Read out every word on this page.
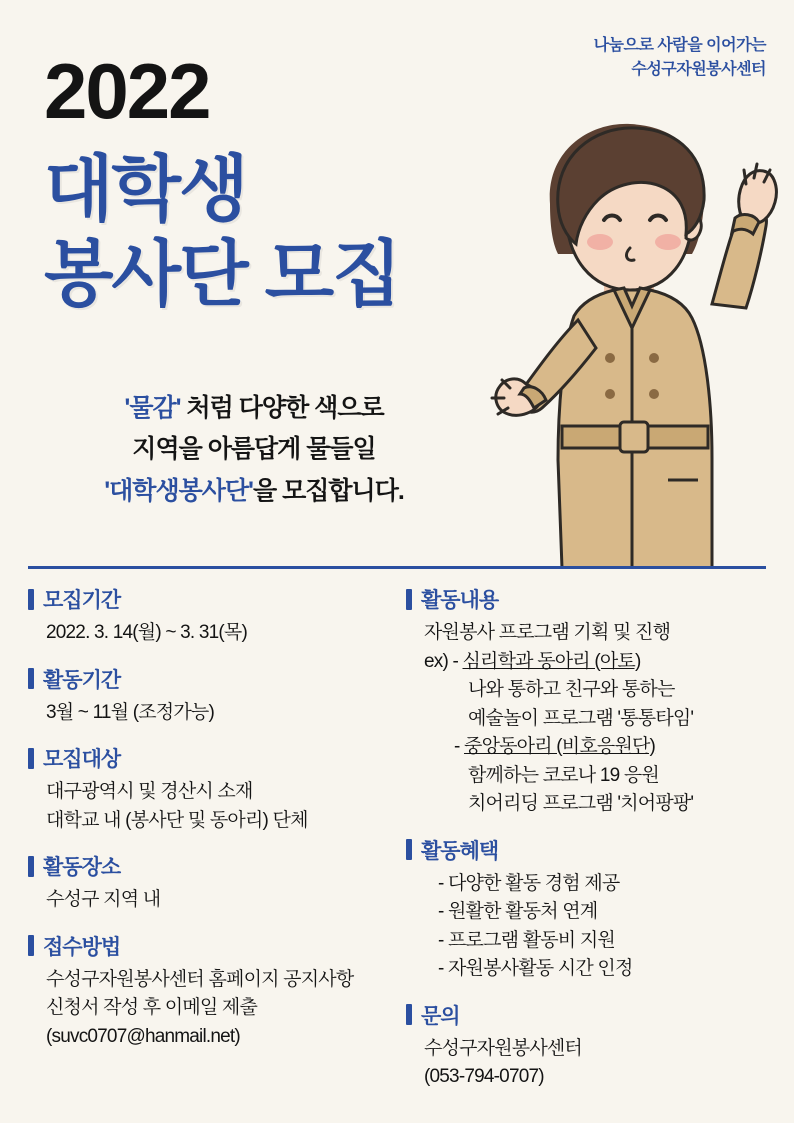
나눔으로 사람을 이어가는
수성구자원봉사센터
2022
대학생
봉사단 모집
'물감' 처럼 다양한 색으로
지역을 아름답게 물들일
'대학생봉사단'을 모집합니다.
모집기간
2022. 3. 14(월) ~ 3. 31(목)
활동기간
3월 ~ 11월 (조정가능)
모집대상
대구광역시 및 경산시 소재
대학교 내 (봉사단 및 동아리) 단체
활동장소
수성구 지역 내
접수방법
수성구자원봉사센터 홈페이지 공지사항
신청서 작성 후 이메일 제출
(suvc0707@hanmail.net)
활동내용
자원봉사 프로그램 기획 및 진행
ex) - 심리학과 동아리 (아토)
나와 통하고 친구와 통하는
예술놀이 프로그램 '통통타임'
- 중앙동아리 (비호응원단)
함께하는 코로나 19 응원
치어리딩 프로그램 '치어팡팡'
활동혜택
- 다양한 활동 경험 제공
- 원활한 활동처 연계
- 프로그램 활동비 지원
- 자원봉사활동 시간 인정
문의
수성구자원봉사센터
(053-794-0707)
